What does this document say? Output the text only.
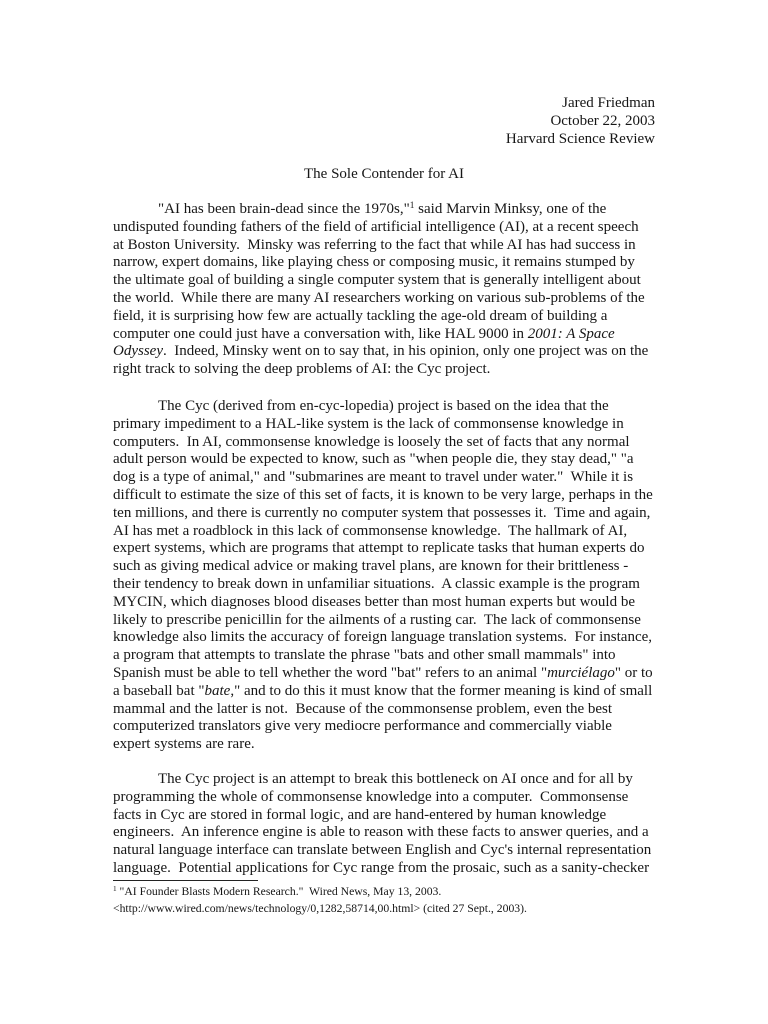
Jared Friedman
October 22, 2003
Harvard Science Review
The Sole Contender for AI
"AI has been brain-dead since the 1970s,"$^1$ said Marvin Minksy, one of the
undisputed founding fathers of the field of artificial intelligence (AI), at a recent speech
at Boston University.  Minsky was referring to the fact that while AI has had success in
narrow, expert domains, like playing chess or composing music, it remains stumped by
the ultimate goal of building a single computer system that is generally intelligent about
the world.  While there are many AI researchers working on various sub-problems of the
field, it is surprising how few are actually tackling the age-old dream of building a
computer one could just have a conversation with, like HAL 9000 in 2001: A Space
Odyssey.  Indeed, Minsky went on to say that, in his opinion, only one project was on the
right track to solving the deep problems of AI: the Cyc project.
The Cyc (derived from en-cyc-lopedia) project is based on the idea that the
primary impediment to a HAL-like system is the lack of commonsense knowledge in
computers.  In AI, commonsense knowledge is loosely the set of facts that any normal
adult person would be expected to know, such as "when people die, they stay dead," "a
dog is a type of animal," and "submarines are meant to travel under water."  While it is
difficult to estimate the size of this set of facts, it is known to be very large, perhaps in the
ten millions, and there is currently no computer system that possesses it.  Time and again,
AI has met a roadblock in this lack of commonsense knowledge.  The hallmark of AI,
expert systems, which are programs that attempt to replicate tasks that human experts do
such as giving medical advice or making travel plans, are known for their brittleness -
their tendency to break down in unfamiliar situations.  A classic example is the program
MYCIN, which diagnoses blood diseases better than most human experts but would be
likely to prescribe penicillin for the ailments of a rusting car.  The lack of commonsense
knowledge also limits the accuracy of foreign language translation systems.  For instance,
a program that attempts to translate the phrase "bats and other small mammals" into
Spanish must be able to tell whether the word "bat" refers to an animal "murciélago" or to
a baseball bat "bate," and to do this it must know that the former meaning is kind of small
mammal and the latter is not.  Because of the commonsense problem, even the best
computerized translators give very mediocre performance and commercially viable
expert systems are rare.
The Cyc project is an attempt to break this bottleneck on AI once and for all by
programming the whole of commonsense knowledge into a computer.  Commonsense
facts in Cyc are stored in formal logic, and are hand-entered by human knowledge
engineers.  An inference engine is able to reason with these facts to answer queries, and a
natural language interface can translate between English and Cyc's internal representation
language.  Potential applications for Cyc range from the prosaic, such as a sanity-checker
$^1$ "AI Founder Blasts Modern Research."  Wired News, May 13, 2003.
<http://www.wired.com/news/technology/0,1282,58714,00.html> (cited 27 Sept., 2003).
